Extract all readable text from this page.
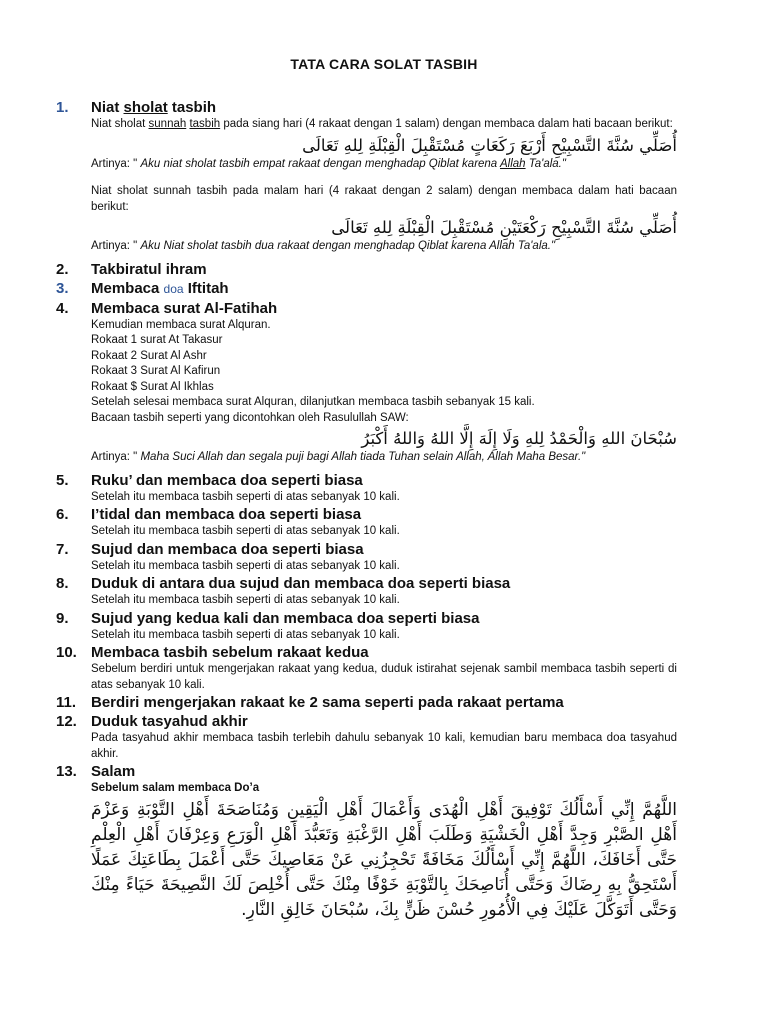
TATA CARA SOLAT TASBIH
1.	Niat sholat tasbih

Niat sholat sunnah tasbih pada siang hari (4 rakaat dengan 1 salam) dengan membaca dalam hati bacaan berikut:

أُصَلِّي سُنَّةَ التَّسْبِيْحِ أَرْبَعَ رَكَعَاتٍ مُسْتَقْبِلَ الْقِبْلَةِ لِلهِ تَعَالَى

Artinya: " Aku niat sholat tasbih empat rakaat dengan menghadap Qiblat karena Allah Ta'ala."

Niat sholat sunnah tasbih pada malam hari (4 rakaat dengan 2 salam) dengan membaca dalam hati bacaan berikut:

أُصَلِّي سُنَّةَ التَّسْبِيْحِ رَكْعَتَيْنِ مُسْتَقْبِلَ الْقِبْلَةِ لِلهِ تَعَالَى

Artinya: " Aku Niat sholat tasbih dua rakaat dengan menghadap Qiblat karena Allah Ta'ala."

2.	Takbiratul ihram
3.	Membaca doa Iftitah
4.	Membaca surat Al-Fatihah

Kemudian membaca surat Alquran.

Rokaat 1 surat At Takasur

Rokaat 2 Surat Al Ashr

Rokaat 3 Surat Al Kafirun

Rokaat $ Surat Al Ikhlas

Setelah selesai membaca surat Alquran, dilanjutkan membaca tasbih sebanyak 15 kali.

Bacaan tasbih seperti yang dicontohkan oleh Rasulullah SAW:

سُبْحَانَ اللهِ وَالْحَمْدُ لِلهِ وَلَا إِلَهَ إِلَّا اللهُ وَاللهُ أَكْبَرُ

Artinya: " Maha Suci Allah dan segala puji bagi Allah tiada Tuhan selain Allah, Allah Maha Besar."

5.	Ruku’ dan membaca doa seperti biasa
Setelah itu membaca tasbih seperti di atas sebanyak 10 kali.
6.	I’tidal dan membaca doa seperti biasa
Setelah itu membaca tasbih seperti di atas sebanyak 10 kali.
7.	Sujud dan membaca doa seperti biasa
Setelah itu membaca tasbih seperti di atas sebanyak 10 kali.
8.	Duduk di antara dua sujud dan membaca doa seperti biasa
Setelah itu membaca tasbih seperti di atas sebanyak 10 kali.
9.	Sujud yang kedua kali dan membaca doa seperti biasa
Setelah itu membaca tasbih seperti di atas sebanyak 10 kali.
10. Membaca tasbih sebelum rakaat kedua
Sebelum berdiri untuk mengerjakan rakaat yang kedua, duduk istirahat sejenak sambil membaca tasbih seperti di atas sebanyak 10 kali.
11. Berdiri mengerjakan rakaat ke 2 sama seperti pada rakaat pertama
12. Duduk tasyahud akhir
Pada tasyahud akhir membaca tasbih terlebih dahulu sebanyak 10 kali, kemudian baru membaca doa tasyahud akhir.
13. Salam

Sebelum salam membaca Do’a

اللَّهُمَّ إِنِّي أَسْأَلُكَ تَوْفِيقَ أَهْلِ الْهُدَى وَأَعْمَالَ أَهْلِ الْيَقِينِ وَمُنَاصَحَةَ أَهْلِ التَّوْبَةِ وَعَزْمَ أَهْلِ الصَّبْرِ وَجِدَّ أَهْلِ الْخَشْيَةِ وَطَلَبَ أَهْلِ الرَّغْبَةِ وَتَعَبُّدَ أَهْلِ الْوَرَعِ وَعِرْفَانَ أَهْلِ الْعِلْمِ حَتَّى أَخَافَكَ، اللَّهُمَّ إِنِّي أَسْأَلُكَ مَخَافَةً تَحْجِزُنِي عَنْ مَعَاصِيكَ حَتَّى أَعْمَلَ بِطَاعَتِكَ عَمَلًا أَسْتَحِقُّ بِهِ رِضَاكَ وَحَتَّى أُنَاصِحَكَ بِالتَّوْبَةِ خَوْفًا مِنْكَ حَتَّى أُخْلِصَ لَكَ النَّصِيحَةَ حَيَاءً مِنْكَ وَحَتَّى أَتَوَكَّلَ عَلَيْكَ فِي الْأُمُورِ حُسْنَ ظَنٍّ بِكَ، سُبْحَانَ خَالِقِ النَّارِ.
